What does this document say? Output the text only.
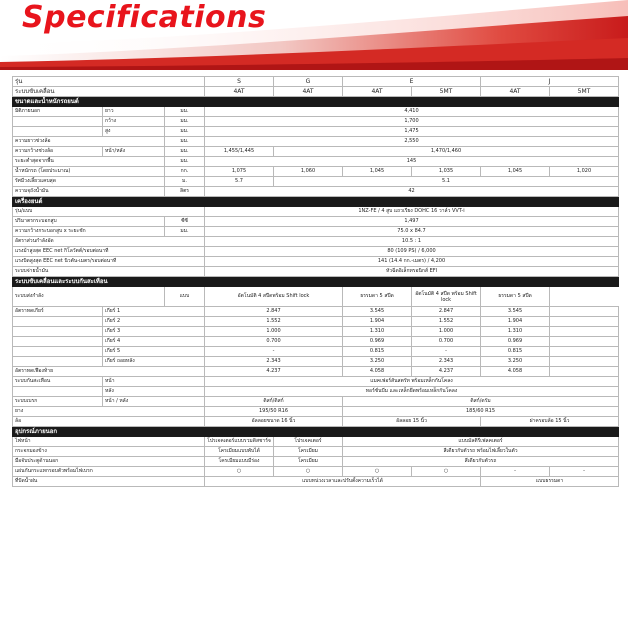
Specifications
รุ่น			S	G	E		J	
ระบบขับเคลื่อน			4AT	4AT	4AT	5MT	4AT	5MT
ขนาดและน้ำหนักรถยนต์								
มิติภายนอก	ยาว	มม.	4,410					
	กว้าง	มม.	1,700					
	สูง	มม.	1,475					
ความยาวช่วงล้อ		มม.	2,550					
ความกว้างช่วงล้อ	หน้า/หลัง	มม.	1,455/1,445	1,470/1,460				
ระยะต่ำสุดจากพื้น		มม.	145					
น้ำหนักรถ (โดยประมาณ)		กก.	1,075	1,060	1,045	1,035	1,045	1,020
รัศมีวงเลี้ยวแคบสุด		ม.	5.7	5.1				
ความจุถังน้ำมัน		ลิตร	42					
เครื่องยนต์								
รุ่น/แบบ			1NZ-FE / 4 สูบ แถวเรียง DOHC 16 วาล์ว VVT-i					
ปริมาตรกระบอกสูบ		ซีซี	1,497					
ความกว้างกระบอกสูบ x ระยะชัก		มม.	75.0 x 84.7					
อัตราส่วนกำลังอัด			10.5 : 1					
แรงม้าสูงสุด EEC net กิโลวัตต์/รอบต่อนาที			80 (109 PS) / 6,000					
แรงบิดสูงสุด EEC net นิวตัน-เมตร/รอบต่อนาที			141 (14.4 กก.-เมตร) / 4,200					
ระบบจ่ายน้ำมัน			หัวฉีดอิเล็กทรอนิกส์ EFI					
ระบบขับเคลื่อนและระบบกันสะเทือน								
ระบบส่งกำลัง		แบบ	อัตโนมัติ 4 สปีดพร้อม Shift lock		ธรรมดา 5 สปีด	อัตโนมัติ 4 สปีด พร้อม Shift lock	ธรรมดา 5 สปีด	
อัตราทดเกียร์	เกียร์ 1		2.847		3.545	2.847	3.545	
	เกียร์ 2		1.552		1.904	1.552	1.904	
	เกียร์ 3		1.000		1.310	1.000	1.310	
	เกียร์ 4		0.700		0.969	0.700	0.969	
	เกียร์ 5		-		0.815	-	0.815	
	เกียร์ ถอยหลัง		2.343		3.250	2.343	3.250	
อัตราทดเฟืองท้าย			4.237		4.058	4.237	4.058	
ระบบกันสะเทือน	หน้า		แมคเฟอร์สันสตรัท พร้อมเหล็กกันโคลง					
	หลัง		ทอร์ชั่นบีม และเหล็กยึดพร้อมเหล็กกันโคลง					
ระบบเบรก	หน้า / หลัง		ดิสก์/ดิสก์		ดิสก์/ดรัม			
ยาง			195/50 R16		185/60 R15			
ล้อ			อัลลอยขนาด 16 นิ้ว		อัลลอย 15 นิ้ว		ฝาครอบล้อ 15 นิ้ว	
อุปกรณ์ภายนอก								
ไฟหน้า			โปรเจคเตอร์แบบรวมดิสชาร์จ	โปรเจคเตอร์	แบบมัลติรีเฟลคเตอร์			
กระจกมองข้าง			โครเมียมแบบพับได้	โครเมียม	สีเดียวกับตัวรถ พร้อมไฟเลี้ยวในตัว			
มือจับประตูด้านนอก			โครเมียมแบบมีร่อง	โครเมียม	สีเดียวกับตัวรถ			
แผ่นกันกระแทกรอบตัวพร้อมไฟเบรก			○	○	○	○	-	-
ที่ปัดน้ำฝน			แบบหน่วงเวลาและปรับตั้งความเร็วได้				แบบธรรมดา	
